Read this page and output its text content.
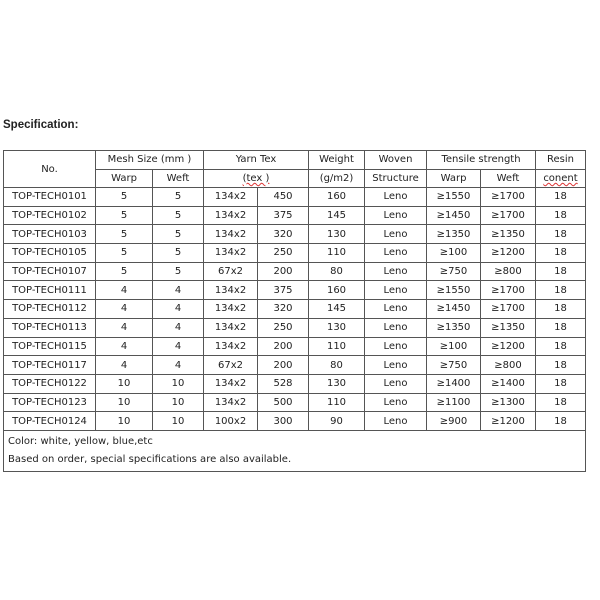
Specification:
No.	Mesh Size (mm )		Yarn Tex		Weight	Woven	Tensile strength		Resin
	Warp	Weft	(tex )		(g/m2)	Structure	Warp	Weft	conent
TOP-TECH0101	5	5	134x2	450	160	Leno	≥1550	≥1700	18
TOP-TECH0102	5	5	134x2	375	145	Leno	≥1450	≥1700	18
TOP-TECH0103	5	5	134x2	320	130	Leno	≥1350	≥1350	18
TOP-TECH0105	5	5	134x2	250	110	Leno	≥100	≥1200	18
TOP-TECH0107	5	5	67x2	200	80	Leno	≥750	≥800	18
TOP-TECH0111	4	4	134x2	375	160	Leno	≥1550	≥1700	18
TOP-TECH0112	4	4	134x2	320	145	Leno	≥1450	≥1700	18
TOP-TECH0113	4	4	134x2	250	130	Leno	≥1350	≥1350	18
TOP-TECH0115	4	4	134x2	200	110	Leno	≥100	≥1200	18
TOP-TECH0117	4	4	67x2	200	80	Leno	≥750	≥800	18
TOP-TECH0122	10	10	134x2	528	130	Leno	≥1400	≥1400	18
TOP-TECH0123	10	10	134x2	500	110	Leno	≥1100	≥1300	18
TOP-TECH0124	10	10	100x2	300	90	Leno	≥900	≥1200	18

Color: white, yellow, blue,etc
Based on order, special specifications are also available.									
